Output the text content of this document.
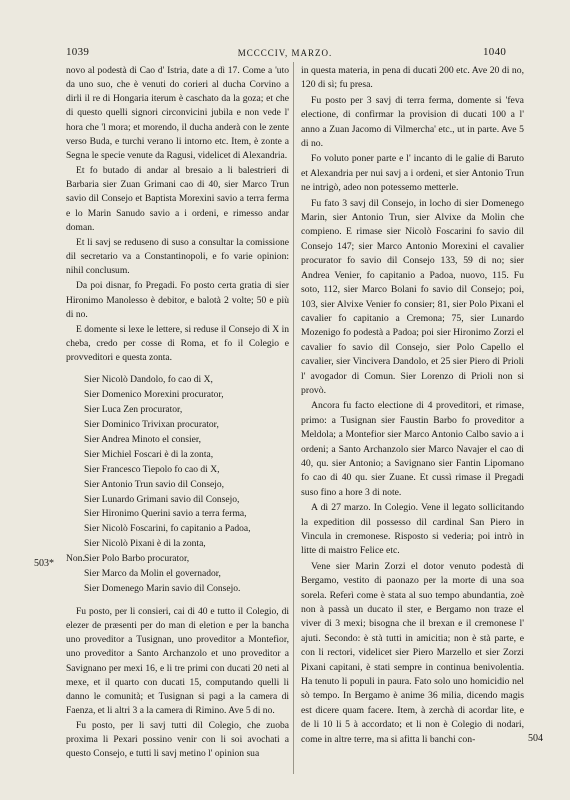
1039	MCCCCIV, MARZO.	1040

novo al podestà di Cao d' Istria, date a dì 17. Come a 'uto da uno suo, che è venuti do corieri al ducha Corvino a dirli il re di Hongaria iterum è caschato da la goza; et che di questo quelli signori circonvicini jubila e non vede l' hora che 'l mora; et morendo, il ducha anderà con le zente verso Buda, e turchi verano li intorno etc. Item, è zonte a Segna le specie venute da Ragusi, videlicet di Alexandria.

Et fo butado di andar al bresaio a li balestrieri di Barbaria sier Zuan Grimani cao di 40, sier Marco Trun savio dil Consejo et Baptista Morexini savio a terra ferma e lo Marin Sanudo savio a i ordeni, e rimesso andar doman.

Et li savj se reduseno di suso a consultar la comissione dil secretario va a Constantinopoli, e fo varie opinion: nihil conclusum.

Da poi disnar, fo Pregadi. Fo posto certa gratia di sier Hironimo Manolesso è debitor, e balotà 2 volte; 50 e più di no.

E domente si lexe le lettere, si reduse il Consejo di X in cheba, credo per cosse di Roma, et fo il Colegio e provveditori e questa zonta.

Sier Nicolò Dandolo, fo cao di X,
Sier Domenico Morexini procurator,
Sier Luca Zen procurator,
Sier Dominico Trivixan procurator,
Sier Andrea Minoto el consier,
Sier Michiel Foscari è di la zonta,
Sier Francesco Tiepolo fo cao di X,
Sier Antonio Trun savio dil Consejo,
Sier Lunardo Grimani savio dil Consejo,
Sier Hironimo Querini savio a terra ferma,
Sier Nicolò Foscarini, fo capitanio a Padoa,
Sier Nicolò Pixani è di la zonta,
Non.Sier Polo Barbo procurator,
Sier Marco da Molin el governador,
Sier Domenego Marin savio dil Consejo.

Fu posto, per li consieri, cai di 40 e tutto il Colegio, di elezer de præsenti per do man di eletion e per la bancha uno proveditor a Tusignan, uno proveditor a Montefior, uno proveditor a Santo Archanzolo et uno proveditor a Savignano per mexi 16, e li tre primi con ducati 20 neti al mexe, et il quarto con ducati 15, computando quelli li danno le comunità; et Tusignan si pagi a la camera di Faenza, et li altri 3 a la camera di Rimino. Ave 5 di no.

Fu posto, per li savj tutti dil Colegio, che zuoba proxima li Pexari possino venir con li soi avochati a questo Consejo, e tutti li savj metino l' opinion sua

503*

in questa materia, in pena di ducati 200 etc. Ave 20 di no, 120 di sì; fu presa.

Fu posto per 3 savj di terra ferma, domente si 'feva electione, di confirmar la provision di ducati 100 a l' anno a Zuan Jacomo di Vilmercha' etc., ut in parte. Ave 5 di no.

Fo voluto poner parte e l' incanto di le galie di Baruto et Alexandria per nui savj a i ordeni, et sier Antonio Trun ne intrigò, adeo non potessemo metterle.

Fu fato 3 savj dil Consejo, in locho di sier Domenego Marin, sier Antonio Trun, sier Alvixe da Molin che compieno. E rimase sier Nicolò Foscarini fo savio dil Consejo 147; sier Marco Antonio Morexini el cavalier procurator fo savio dil Consejo 133, 59 di no; sier Andrea Venier, fo capitanio a Padoa, nuovo, 115. Fu soto, 112, sier Marco Bolani fo savio dil Consejo; poi, 103, sier Alvixe Venier fo consier; 81, sier Polo Pixani el cavalier fo capitanio a Cremona; 75, sier Lunardo Mozenigo fo podestà a Padoa; poi sier Hironimo Zorzi el cavalier fo savio dil Consejo, sier Polo Capello el cavalier, sier Vincivera Dandolo, et 25 sier Piero di Prioli l' avogador di Comun. Sier Lorenzo di Prioli non si provò.

Ancora fu facto electione di 4 proveditori, et rimase, primo: a Tusignan sier Faustin Barbo fo proveditor a Meldola; a Montefior sier Marco Antonio Calbo savio a i ordeni; a Santo Archanzolo sier Marco Navajer el cao di 40, qu. sier Antonio; a Savignano sier Fantin Lipomano fo cao di 40 qu. sier Zuane. Et cussì rimase il Pregadi suso fino a hore 3 di note.

A dì 27 marzo. In Colegio. Vene il legato sollicitando la expedition dil possesso dil cardinal San Piero in Vincula in cremonese. Risposto si vederia; poi intrò in litte di maistro Felice etc.

Vene sier Marin Zorzi el dotor venuto podestà di Bergamo, vestito di paonazo per la morte di una soa sorela. Referì come è stata al suo tempo abundantia, zoè non à passà un ducato il ster, e Bergamo non traze el viver di 3 mexi; bisogna che il brexan e il cremonese l' ajuti. Secondo: è stà tutti in amicitia; non è stà parte, e con li rectori, videlicet sier Piero Marzello et sier Zorzi Pixani capitani, è stati sempre in continua benivolentia. Ha tenuto li populi in paura. Fato solo uno homicidio nel sò tempo. In Bergamo è anime 36 milia, dicendo magis est dicere quam facere. Item, à zerchà di acordar lite, e de li 10 li 5 à accordato; et li non è Colegio di nodari, come in altre terre, ma si afitta li banchi con-	504
